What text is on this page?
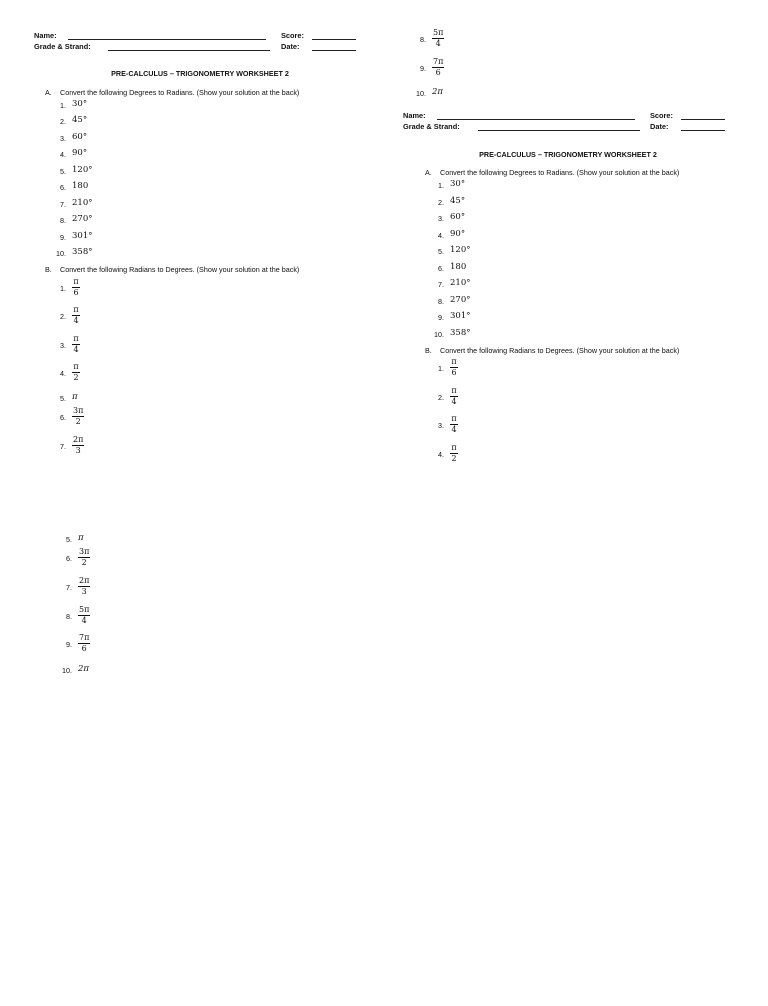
Name:	Score:
Grade & Strand:	Date:
PRE-CALCULUS – TRIGONOMETRY WORKSHEET 2
A. Convert the following Degrees to Radians. (Show your solution at the back)
1. 30°
2. 45°
3. 60°
4. 90°
5. 120°
6. 180
7. 210°
8. 270°
9. 301°
10. 358°
B. Convert the following Radians to Degrees. (Show your solution at the back)
1.
π
6
2.
π
4
3.
π
4
4.
π
2
5. π
6.
3π
2
7.
2π
3
5. π
6.
3π
2
7.
2π
3
8.
5π
4
9.
7π
6
10. 2π
8.
5π
4
9.
7π
6
10. 2π
Name:	Score:
Grade & Strand:	Date:
PRE-CALCULUS – TRIGONOMETRY WORKSHEET 2
A. Convert the following Degrees to Radians. (Show your solution at the back)
1. 30°
2. 45°
3. 60°
4. 90°
5. 120°
6. 180
7. 210°
8. 270°
9. 301°
10. 358°
B. Convert the following Radians to Degrees. (Show your solution at the back)
1.
π
6
2.
π
4
3.
π
4
4.
π
2
